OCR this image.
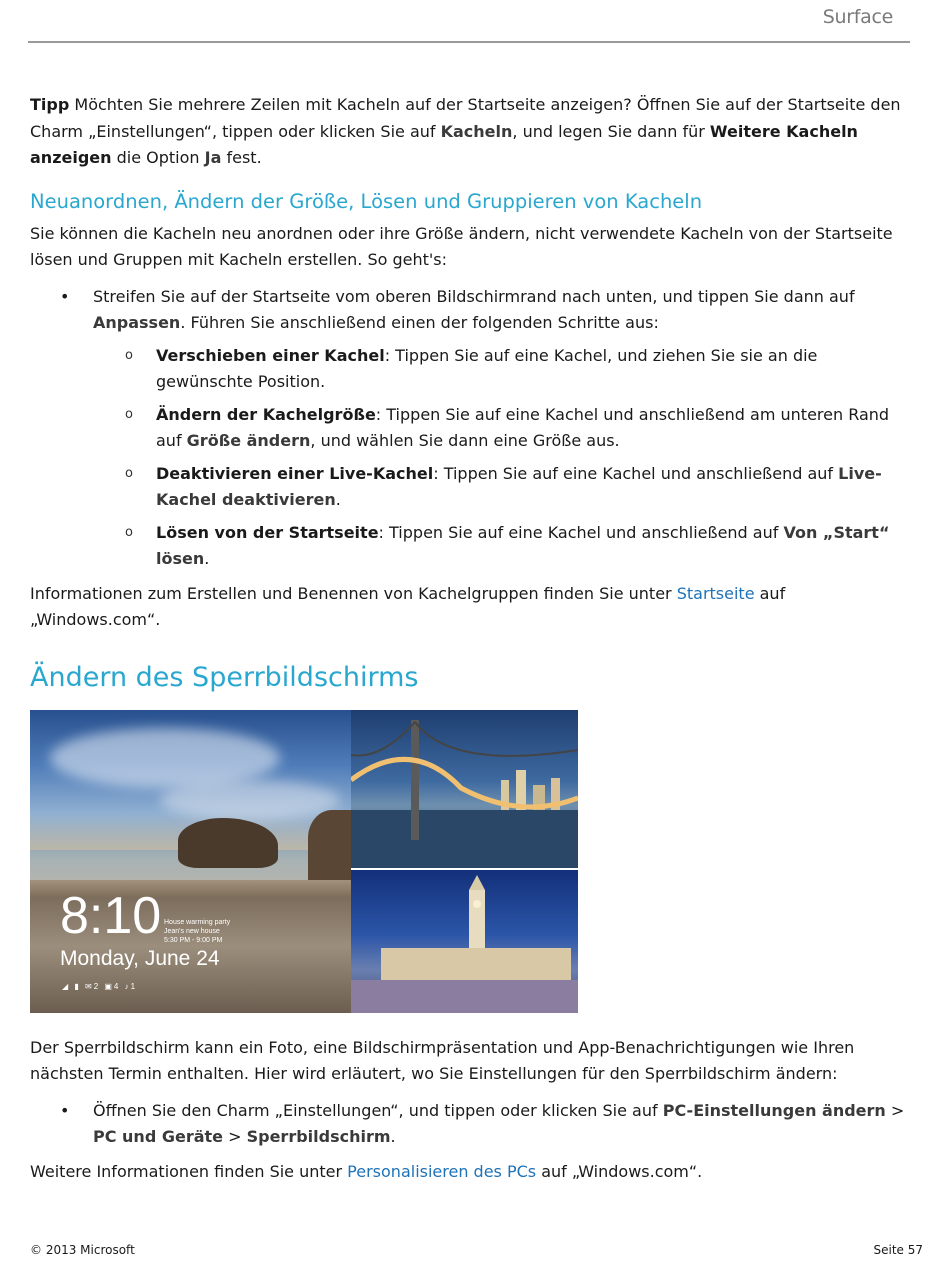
Surface

Tipp Möchten Sie mehrere Zeilen mit Kacheln auf der Startseite anzeigen? Öffnen Sie auf der Startseite den Charm „Einstellungen“, tippen oder klicken Sie auf Kacheln, und legen Sie dann für Weitere Kacheln anzeigen die Option Ja fest.

Neuanordnen, Ändern der Größe, Lösen und Gruppieren von Kacheln

Sie können die Kacheln neu anordnen oder ihre Größe ändern, nicht verwendete Kacheln von der Startseite lösen und Gruppen mit Kacheln erstellen. So geht's:

• Streifen Sie auf der Startseite vom oberen Bildschirmrand nach unten, und tippen Sie dann auf Anpassen. Führen Sie anschließend einen der folgenden Schritte aus:
o Verschieben einer Kachel: Tippen Sie auf eine Kachel, und ziehen Sie sie an die gewünschte Position.
o Ändern der Kachelgröße: Tippen Sie auf eine Kachel und anschließend am unteren Rand auf Größe ändern, und wählen Sie dann eine Größe aus.
o Deaktivieren einer Live-Kachel: Tippen Sie auf eine Kachel und anschließend auf Live-Kachel deaktivieren.
o Lösen von der Startseite: Tippen Sie auf eine Kachel und anschließend auf Von „Start“ lösen.

Informationen zum Erstellen und Benennen von Kachelgruppen finden Sie unter Startseite auf „Windows.com“.

Ändern des Sperrbildschirms
8:10 House warming party
Jean's new house
5:30 PM - 9:00 PM
Monday, June 24
◢ ▮ ✉2 ▣4 ♪1

Der Sperrbildschirm kann ein Foto, eine Bildschirmpräsentation und App-Benachrichtigungen wie Ihren nächsten Termin enthalten. Hier wird erläutert, wo Sie Einstellungen für den Sperrbildschirm ändern:

• Öffnen Sie den Charm „Einstellungen“, und tippen oder klicken Sie auf PC-Einstellungen ändern > PC und Geräte > Sperrbildschirm.

Weitere Informationen finden Sie unter Personalisieren des PCs auf „Windows.com“.

© 2013 Microsoft	Seite 57
